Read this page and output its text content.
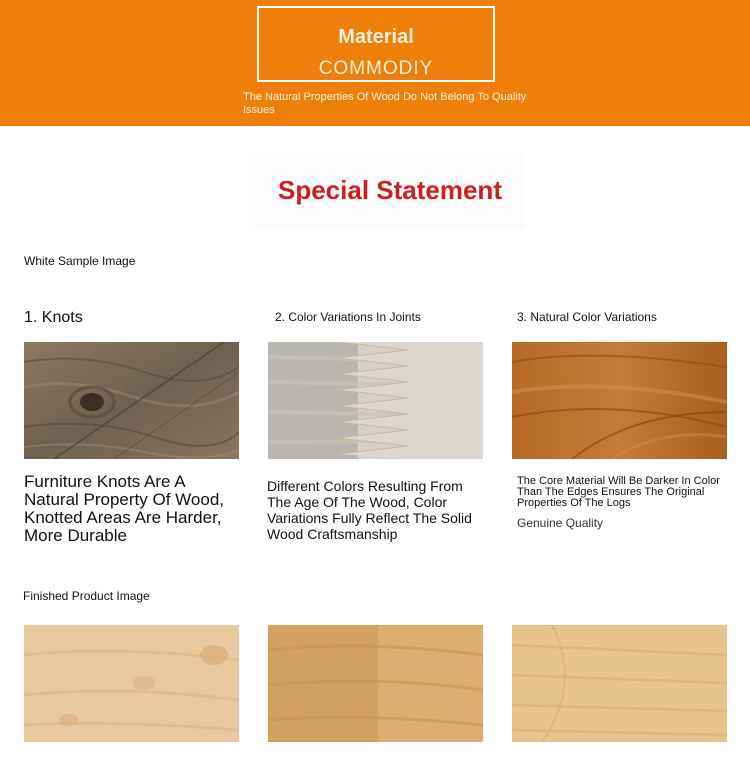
Material
COMMODIY
The Natural Properties Of Wood Do Not Belong To Quality Issues
Special Statement
White Sample Image
1. Knots	2. Color Variations In Joints	3. Natural Color Variations
Furniture Knots Are A Natural Property Of Wood, Knotted Areas Are Harder, More Durable
Different Colors Resulting From The Age Of The Wood, Color Variations Fully Reflect The Solid Wood Craftsmanship
The Core Material Will Be Darker In Color Than The Edges Ensures The Original Properties Of The Logs
Genuine Quality
Finished Product Image
